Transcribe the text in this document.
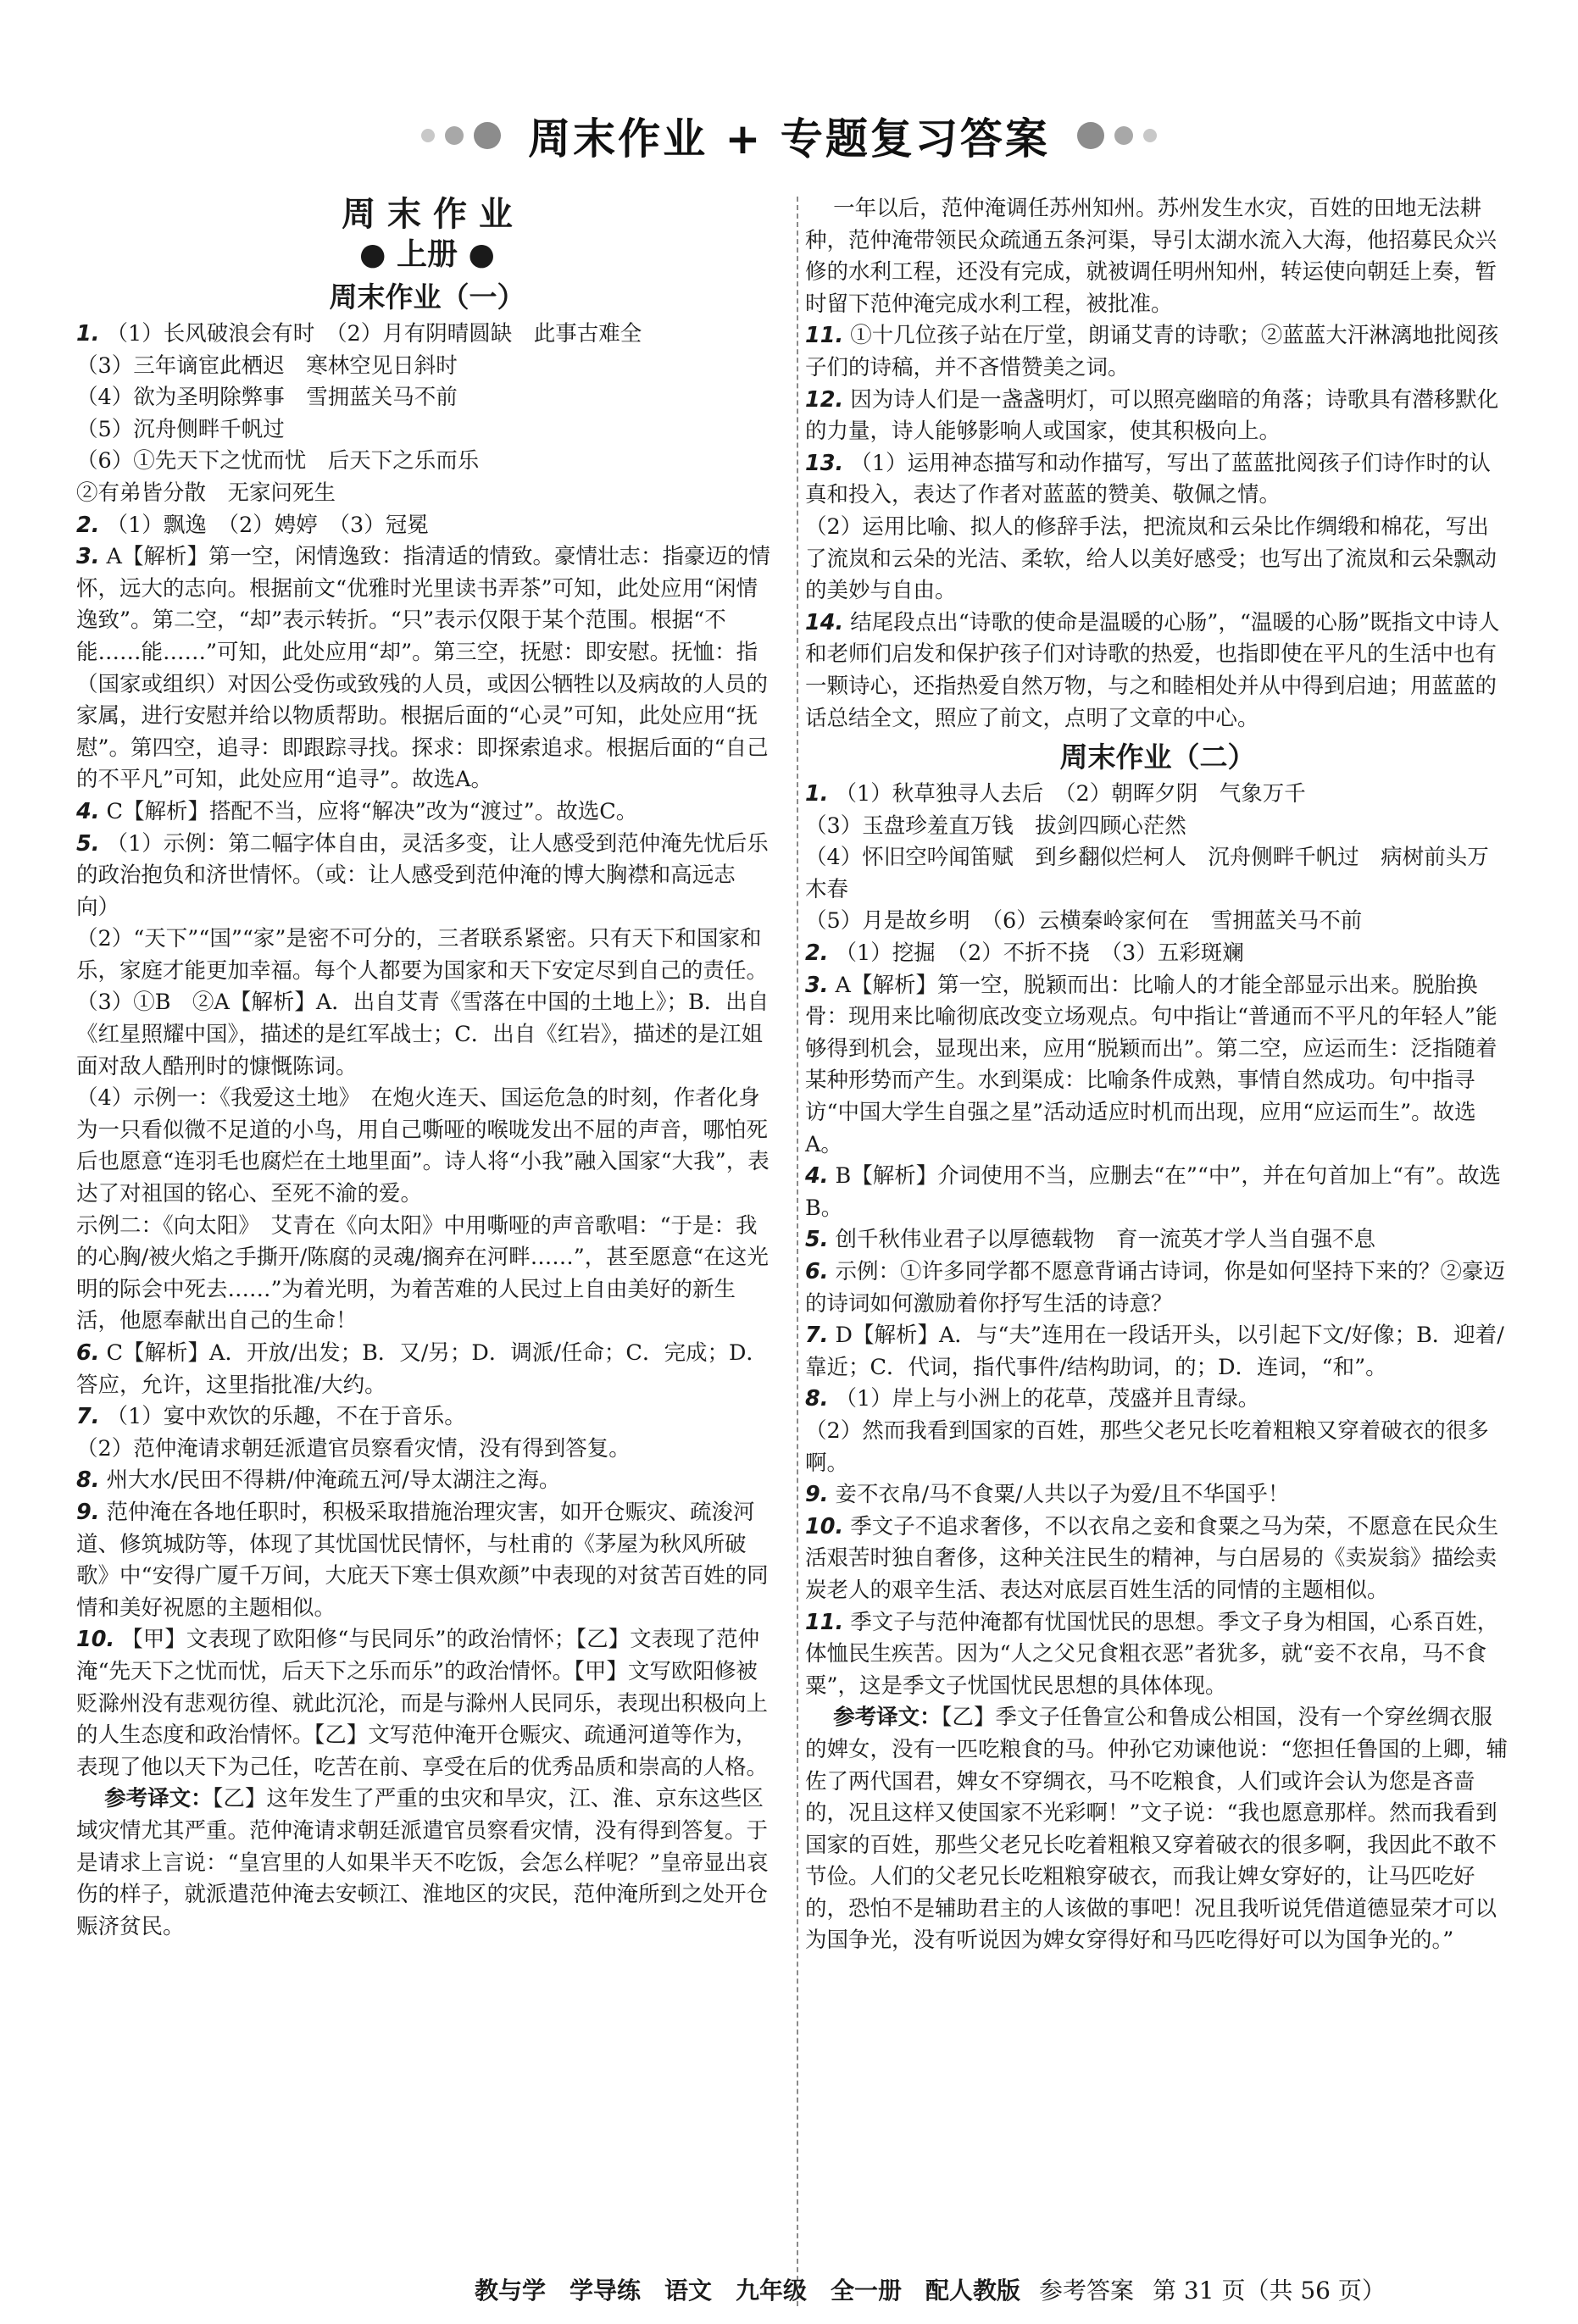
周末作业 + 专题复习答案
周 末 作 业
● 上册 ●
周末作业（一）

1. （1）长风破浪会有时　（2）月有阴晴圆缺　此事古难全
（3）三年谪宦此栖迟　寒林空见日斜时
（4）欲为圣明除弊事　雪拥蓝关马不前
（5）沉舟侧畔千帆过
（6）①先天下之忧而忧　后天下之乐而乐
②有弟皆分散　无家问死生

2. （1）飘逸　（2）娉婷　（3）冠冕

3. A【解析】第一空，闲情逸致：指清适的情致。豪情壮志：指豪迈的情怀，远大的志向。根据前文“优雅时光里读书弄茶”可知，此处应用“闲情逸致”。第二空，“却”表示转折。“只”表示仅限于某个范围。根据“不能……能……”可知，此处应用“却”。第三空，抚慰：即安慰。抚恤：指（国家或组织）对因公受伤或致残的人员，或因公牺牲以及病故的人员的家属，进行安慰并给以物质帮助。根据后面的“心灵”可知，此处应用“抚慰”。第四空，追寻：即跟踪寻找。探求：即探索追求。根据后面的“自己的不平凡”可知，此处应用“追寻”。故选A。

4. C【解析】搭配不当，应将“解决”改为“渡过”。故选C。

5. （1）示例：第二幅字体自由，灵活多变，让人感受到范仲淹先忧后乐的政治抱负和济世情怀。（或：让人感受到范仲淹的博大胸襟和高远志向）
（2）“天下”“国”“家”是密不可分的，三者联系紧密。只有天下和国家和乐，家庭才能更加幸福。每个人都要为国家和天下安定尽到自己的责任。
（3）①B　②A【解析】A．出自艾青《雪落在中国的土地上》；B．出自《红星照耀中国》，描述的是红军战士；C．出自《红岩》，描述的是江姐面对敌人酷刑时的慷慨陈词。
（4）示例一：《我爱这土地》　在炮火连天、国运危急的时刻，作者化身为一只看似微不足道的小鸟，用自己嘶哑的喉咙发出不屈的声音，哪怕死后也愿意“连羽毛也腐烂在土地里面”。诗人将“小我”融入国家“大我”，表达了对祖国的铭心、至死不渝的爱。
示例二：《向太阳》　艾青在《向太阳》中用嘶哑的声音歌唱：“于是：我的心胸/被火焰之手撕开/陈腐的灵魂/搁弃在河畔……”，甚至愿意“在这光明的际会中死去……”为着光明，为着苦难的人民过上自由美好的新生活，他愿奉献出自己的生命！

6. C【解析】A．开放/出发；B．又/另；D．调派/任命；C．完成；D．答应，允许，这里指批准/大约。

7. （1）宴中欢饮的乐趣，不在于音乐。
（2）范仲淹请求朝廷派遣官员察看灾情，没有得到答复。

8. 州大水/民田不得耕/仲淹疏五河/导太湖注之海。

9. 范仲淹在各地任职时，积极采取措施治理灾害，如开仓赈灾、疏浚河道、修筑城防等，体现了其忧国忧民情怀，与杜甫的《茅屋为秋风所破歌》中“安得广厦千万间，大庇天下寒士俱欢颜”中表现的对贫苦百姓的同情和美好祝愿的主题相似。

10. 【甲】文表现了欧阳修“与民同乐”的政治情怀；【乙】文表现了范仲淹“先天下之忧而忧，后天下之乐而乐”的政治情怀。【甲】文写欧阳修被贬滁州没有悲观彷徨、就此沉沦，而是与滁州人民同乐，表现出积极向上的人生态度和政治情怀。【乙】文写范仲淹开仓赈灾、疏通河道等作为，表现了他以天下为己任，吃苦在前、享受在后的优秀品质和崇高的人格。

参考译文：【乙】这年发生了严重的虫灾和旱灾，江、淮、京东这些区域灾情尤其严重。范仲淹请求朝廷派遣官员察看灾情，没有得到答复。于是请求上言说：“皇宫里的人如果半天不吃饭，会怎么样呢？”皇帝显出哀伤的样子，就派遣范仲淹去安顿江、淮地区的灾民，范仲淹所到之处开仓赈济贫民。

一年以后，范仲淹调任苏州知州。苏州发生水灾，百姓的田地无法耕种，范仲淹带领民众疏通五条河渠，导引太湖水流入大海，他招募民众兴修的水利工程，还没有完成，就被调任明州知州，转运使向朝廷上奏，暂时留下范仲淹完成水利工程，被批准。

11. ①十几位孩子站在厅堂，朗诵艾青的诗歌；②蓝蓝大汗淋漓地批阅孩子们的诗稿，并不吝惜赞美之词。

12. 因为诗人们是一盏盏明灯，可以照亮幽暗的角落；诗歌具有潜移默化的力量，诗人能够影响人或国家，使其积极向上。

13. （1）运用神态描写和动作描写，写出了蓝蓝批阅孩子们诗作时的认真和投入，表达了作者对蓝蓝的赞美、敬佩之情。
（2）运用比喻、拟人的修辞手法，把流岚和云朵比作绸缎和棉花，写出了流岚和云朵的光洁、柔软，给人以美好感受；也写出了流岚和云朵飘动的美妙与自由。

14. 结尾段点出“诗歌的使命是温暖的心肠”，“温暖的心肠”既指文中诗人和老师们启发和保护孩子们对诗歌的热爱，也指即使在平凡的生活中也有一颗诗心，还指热爱自然万物，与之和睦相处并从中得到启迪；用蓝蓝的话总结全文，照应了前文，点明了文章的中心。

周末作业（二）

1. （1）秋草独寻人去后　（2）朝晖夕阴　气象万千
（3）玉盘珍羞直万钱　拔剑四顾心茫然
（4）怀旧空吟闻笛赋　到乡翻似烂柯人　沉舟侧畔千帆过　病树前头万木春
（5）月是故乡明　（6）云横秦岭家何在　雪拥蓝关马不前

2. （1）挖掘　（2）不折不挠　（3）五彩斑斓

3. A【解析】第一空，脱颖而出：比喻人的才能全部显示出来。脱胎换骨：现用来比喻彻底改变立场观点。句中指让“普通而不平凡的年轻人”能够得到机会，显现出来，应用“脱颖而出”。第二空，应运而生：泛指随着某种形势而产生。水到渠成：比喻条件成熟，事情自然成功。句中指寻访“中国大学生自强之星”活动适应时机而出现，应用“应运而生”。故选A。

4. B【解析】介词使用不当，应删去“在”“中”，并在句首加上“有”。故选B。

5. 创千秋伟业君子以厚德载物　育一流英才学人当自强不息

6. 示例：①许多同学都不愿意背诵古诗词，你是如何坚持下来的？②豪迈的诗词如何激励着你抒写生活的诗意？

7. D【解析】A．与“夫”连用在一段话开头，以引起下文/好像；B．迎着/靠近；C．代词，指代事件/结构助词，的；D．连词，“和”。

8. （1）岸上与小洲上的花草，茂盛并且青绿。
（2）然而我看到国家的百姓，那些父老兄长吃着粗粮又穿着破衣的很多啊。

9. 妾不衣帛/马不食粟/人共以子为爱/且不华国乎！

10. 季文子不追求奢侈，不以衣帛之妾和食粟之马为荣，不愿意在民众生活艰苦时独自奢侈，这种关注民生的精神，与白居易的《卖炭翁》描绘卖炭老人的艰辛生活、表达对底层百姓生活的同情的主题相似。

11. 季文子与范仲淹都有忧国忧民的思想。季文子身为相国，心系百姓，体恤民生疾苦。因为“人之父兄食粗衣恶”者犹多，就“妾不衣帛，马不食粟”，这是季文子忧国忧民思想的具体体现。

参考译文：【乙】季文子任鲁宣公和鲁成公相国，没有一个穿丝绸衣服的婢女，没有一匹吃粮食的马。仲孙它劝谏他说：“您担任鲁国的上卿，辅佐了两代国君，婢女不穿绸衣，马不吃粮食，人们或许会认为您是吝啬的，况且这样又使国家不光彩啊！”文子说：“我也愿意那样。然而我看到国家的百姓，那些父老兄长吃着粗粮又穿着破衣的很多啊，我因此不敢不节俭。人们的父老兄长吃粗粮穿破衣，而我让婢女穿好的，让马匹吃好的，恐怕不是辅助君主的人该做的事吧！况且我听说凭借道德显荣才可以为国争光，没有听说因为婢女穿得好和马匹吃得好可以为国争光的。”

教与学　学导练　语文　九年级　全一册　配人教版 参考答案 第 31 页（共 56 页）
